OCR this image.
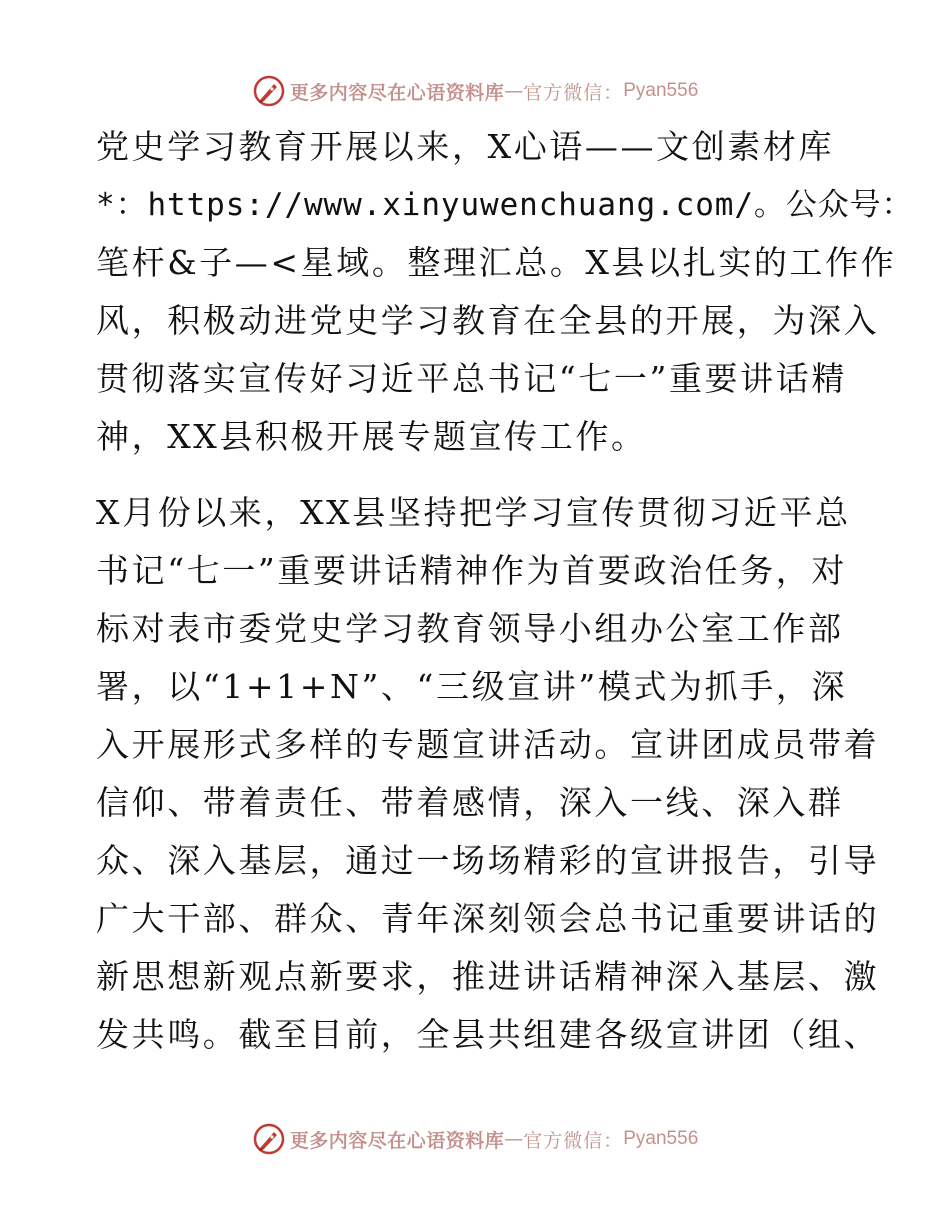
更多内容尽在心语资料库 — 官方微信： Pyan556
党史学习教育开展以来，X心语——文创素材库
*：https://www.xinyuwenchuang.com/。公众号：
笔杆&子—<星域。整理汇总。X县以扎实的工作作
风，积极动进党史学习教育在全县的开展，为深入
贯彻落实宣传好习近平总书记“七一”重要讲话精
神，XX县积极开展专题宣传工作。
X月份以来，XX县坚持把学习宣传贯彻习近平总
书记“七一”重要讲话精神作为首要政治任务，对
标对表市委党史学习教育领导小组办公室工作部
署，以“1+1+N”、“三级宣讲”模式为抓手，深
入开展形式多样的专题宣讲活动。宣讲团成员带着
信仰、带着责任、带着感情，深入一线、深入群
众、深入基层，通过一场场精彩的宣讲报告，引导
广大干部、群众、青年深刻领会总书记重要讲话的
新思想新观点新要求，推进讲话精神深入基层、激
发共鸣。截至目前，全县共组建各级宣讲团（组、
更多内容尽在心语资料库 — 官方微信： Pyan556
